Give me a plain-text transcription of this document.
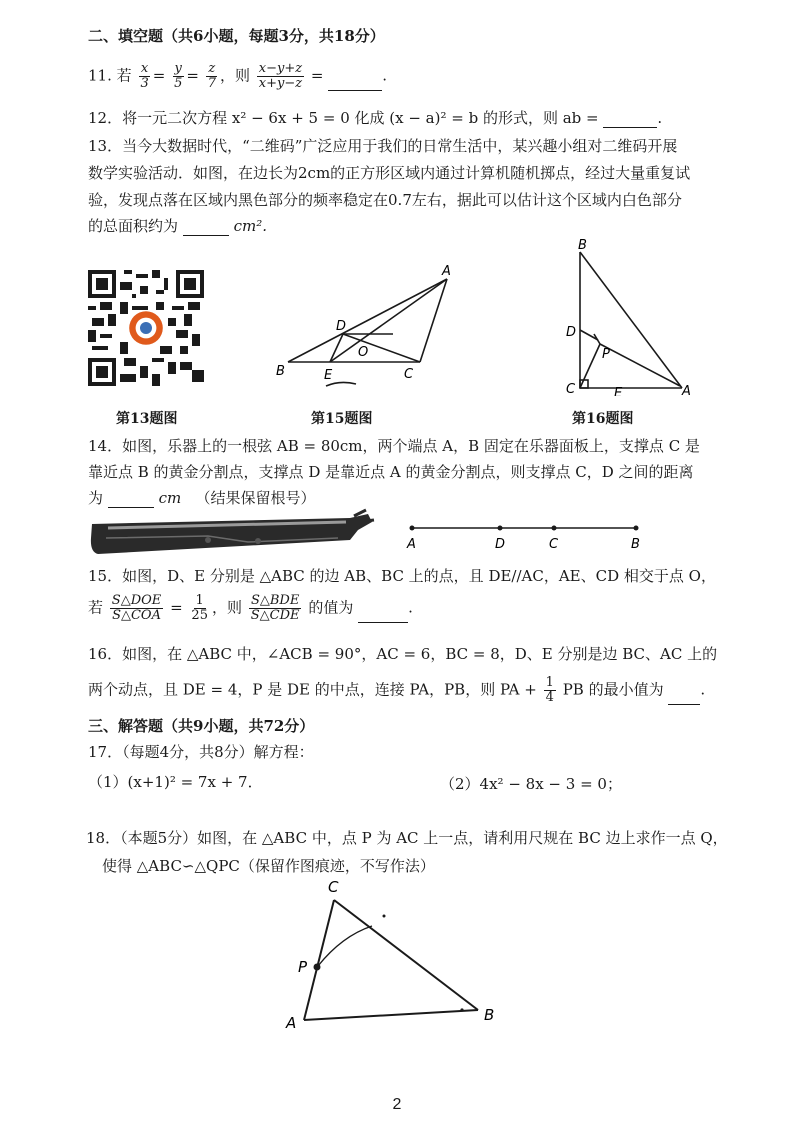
二、填空题（共6小题，每题3分，共18分）
11. 若 $\frac{x}{3} = \frac{y}{5} = \frac{z}{7}$ ，则 $\frac{x-y+z}{x+y-z}$ =	.
12．将一元二次方程 x² − 6x + 5 = 0 化成 (x − a)² = b 的形式，则 ab =	.
13．当今大数据时代，“二维码”广泛应用于我们的日常生活中，某兴趣小组对二维码开展
数学实验活动．如图，在边长为2cm的正方形区域内通过计算机随机掷点，经过大量重复试
验，发现点落在区域内黑色部分的频率稳定在0.7左右，据此可以估计这个区域内白色部分
的总面积约为	cm².
A
B	C
D
E
O
B
D
P
C	E	A
第13题图	第15题图	第16题图
14．如图，乐器上的一根弦 AB = 80cm，两个端点 A，B 固定在乐器面板上，支撑点 C 是
靠近点 B 的黄金分割点，支撑点 D 是靠近点 A 的黄金分割点，则支撑点 C，D 之间的距离
为	cm （结果保留根号）
A	D	C	B
15．如图，D、E 分别是 △ABC 的边 AB、BC 上的点，且 DE//AC，AE、CD 相交于点 O，
若 $\frac{\text{S△DOE}}{\text{S△COA}} = \frac{1}{25}$ ，则 $\frac{\text{S△BDE}}{\text{S△CDE}}$ 的值为	.
16．如图，在 △ABC 中，∠ACB = 90°，AC = 6，BC = 8，D、E 分别是边 BC、AC 上的
两个动点，且 DE = 4，P 是 DE 的中点，连接 PA，PB，则 PA + $\frac{1}{4}$ PB 的最小值为 .
三、解答题（共9小题，共72分）
17．（每题4分，共8分）解方程：
（1）(x+1)² = 7x + 7．	（2）4x² − 8x − 3 = 0；
18．（本题5分）如图，在 △ABC 中，点 P 为 AC 上一点，请利用尺规在 BC 边上求作一点 Q，
使得 △ABC∽△QPC（保留作图痕迹，不写作法）
C
P
A	B
2
